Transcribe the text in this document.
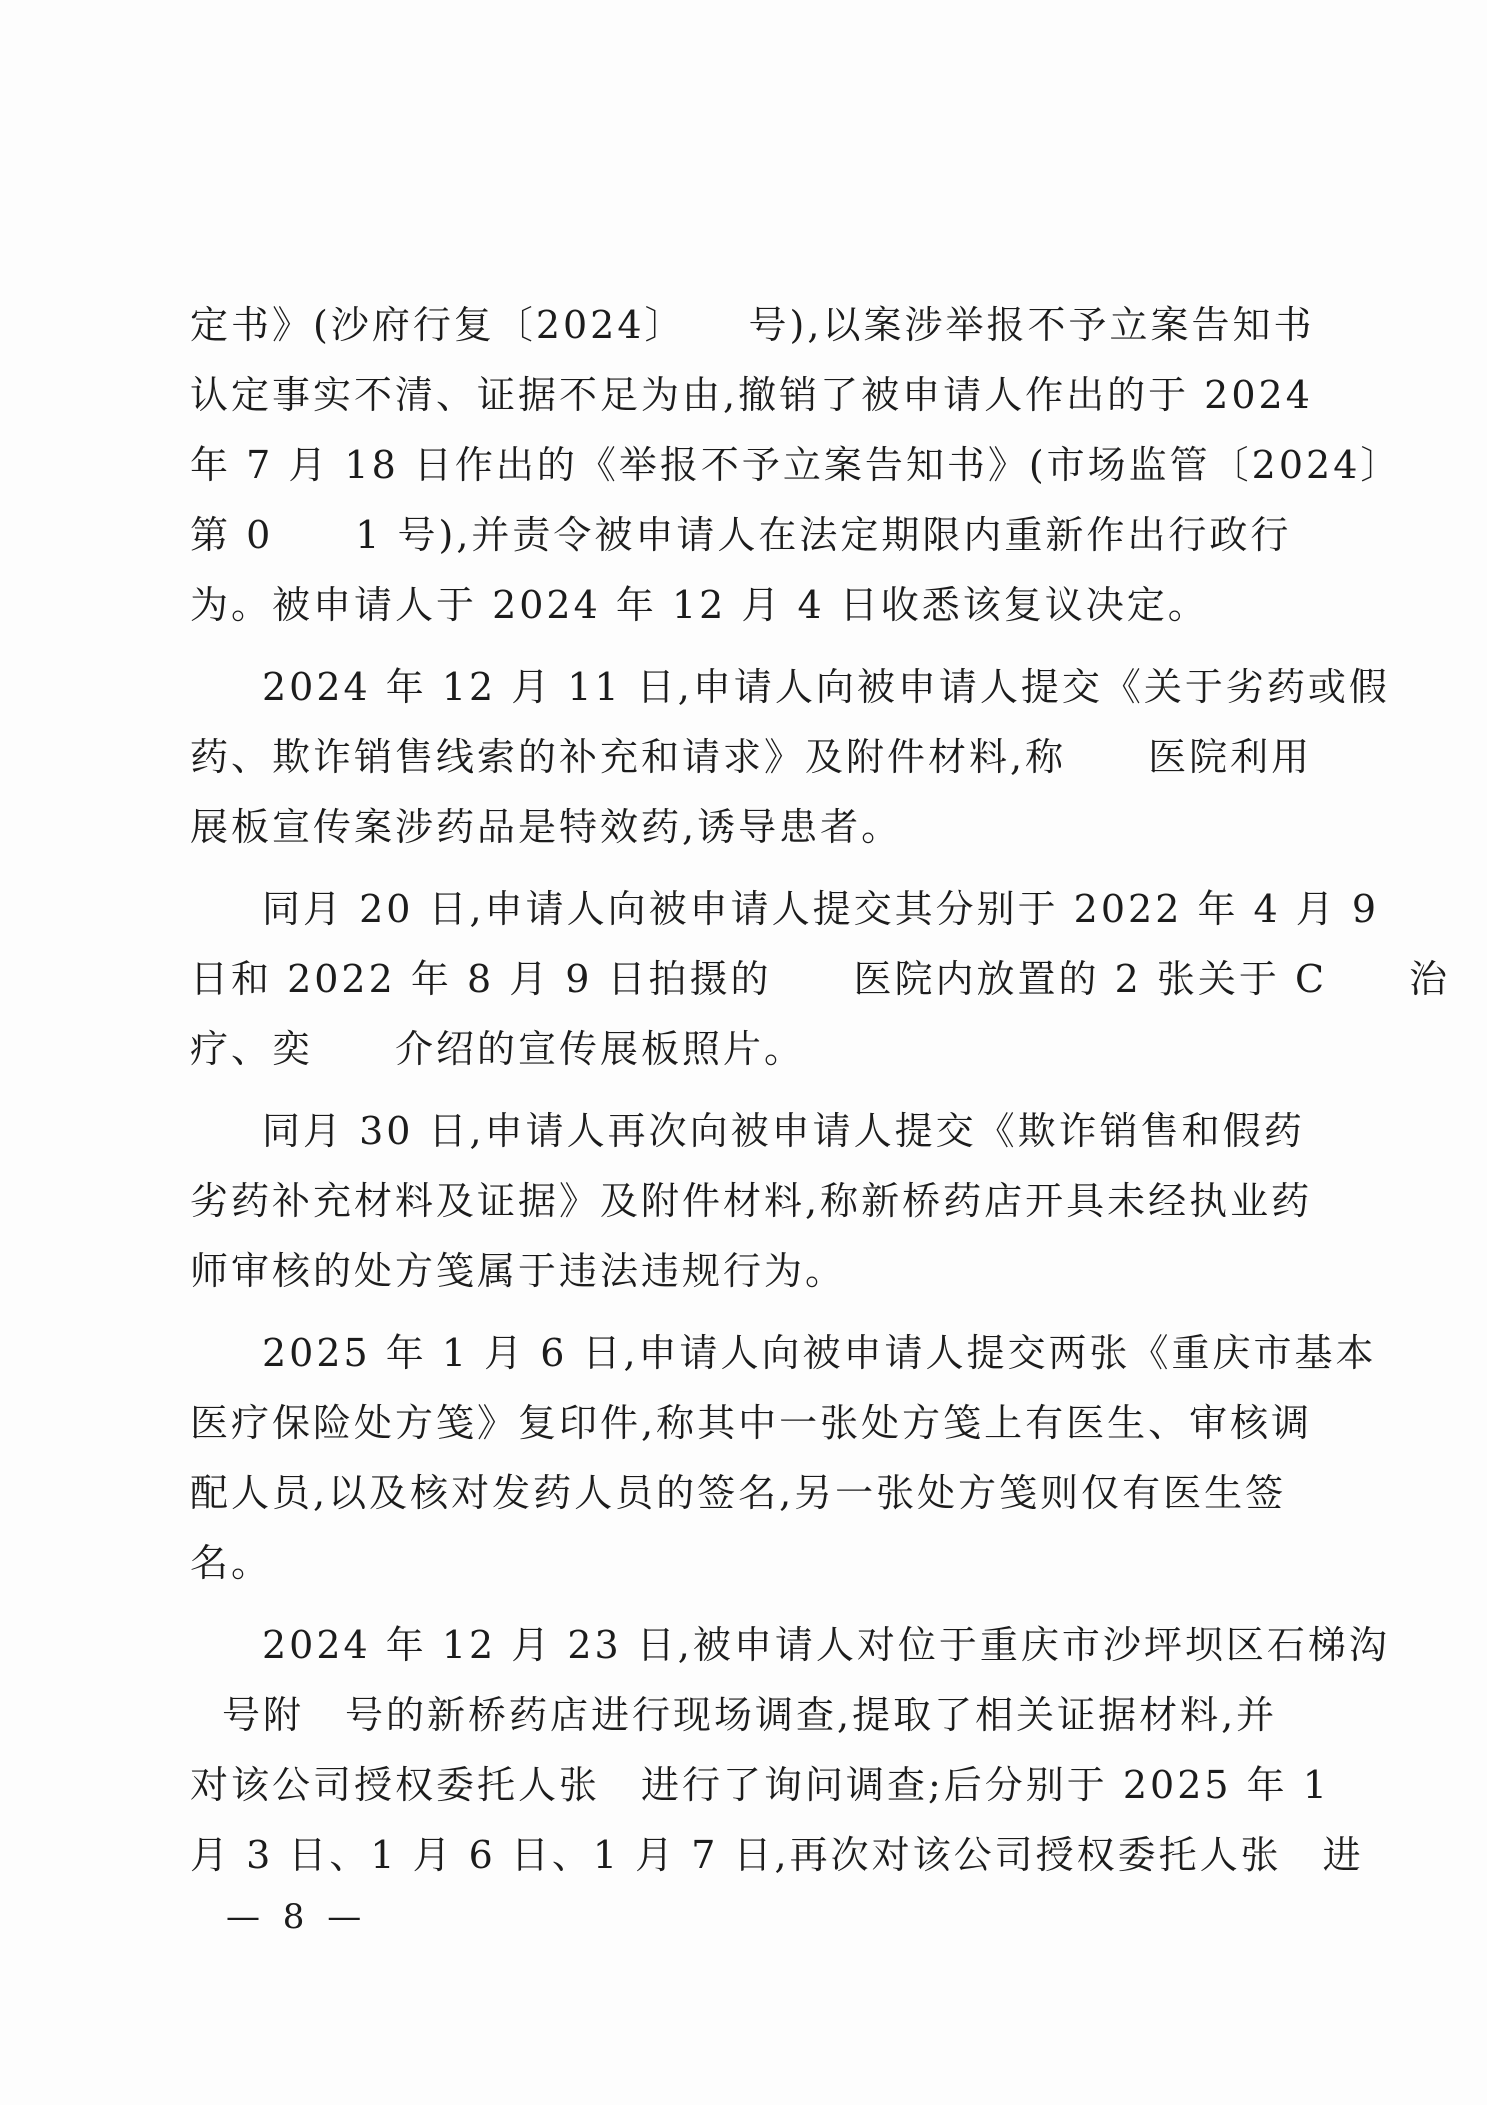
定书》(沙府行复〔2024〕　　号),以案涉举报不予立案告知书
认定事实不清、证据不足为由,撤销了被申请人作出的于 2024
年 7 月 18 日作出的《举报不予立案告知书》(市场监管〔2024〕
第 0　　1 号),并责令被申请人在法定期限内重新作出行政行
为。被申请人于 2024 年 12 月 4 日收悉该复议决定。
2024 年 12 月 11 日,申请人向被申请人提交《关于劣药或假
药、欺诈销售线索的补充和请求》及附件材料,称　　医院利用
展板宣传案涉药品是特效药,诱导患者。
同月 20 日,申请人向被申请人提交其分别于 2022 年 4 月 9
日和 2022 年 8 月 9 日拍摄的　　医院内放置的 2 张关于 C　　治
疗、奕　　介绍的宣传展板照片。
同月 30 日,申请人再次向被申请人提交《欺诈销售和假药
劣药补充材料及证据》及附件材料,称新桥药店开具未经执业药
师审核的处方笺属于违法违规行为。
2025 年 1 月 6 日,申请人向被申请人提交两张《重庆市基本
医疗保险处方笺》复印件,称其中一张处方笺上有医生、审核调
配人员,以及核对发药人员的签名,另一张处方笺则仅有医生签
名。
2024 年 12 月 23 日,被申请人对位于重庆市沙坪坝区石梯沟
号附　号的新桥药店进行现场调查,提取了相关证据材料,并
对该公司授权委托人张　进行了询问调查;后分别于 2025 年 1
月 3 日、1 月 6 日、1 月 7 日,再次对该公司授权委托人张　进
— 8 —
